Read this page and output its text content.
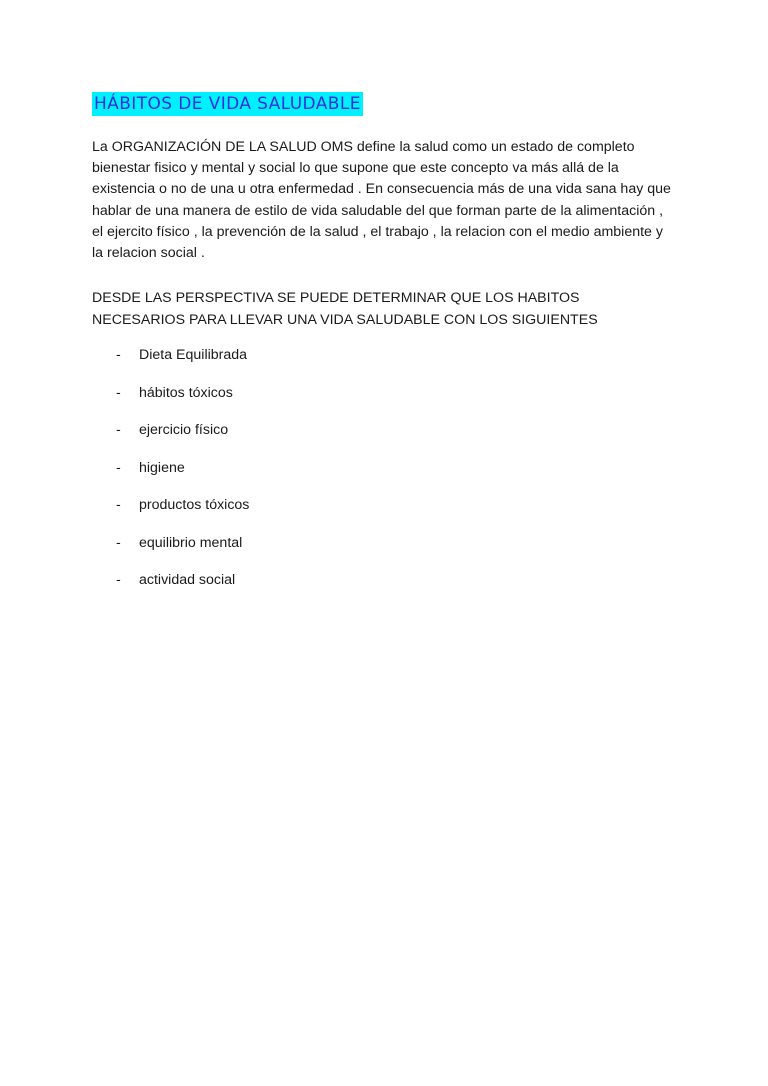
HÁBITOS DE VIDA SALUDABLE

La ORGANIZACIÓN DE LA SALUD OMS define la salud como un estado de completo
bienestar fisico y mental y social lo que supone que este concepto va más allá de la
existencia o no de una u otra enfermedad . En consecuencia más de una vida sana hay que
hablar de una manera de estilo de vida saludable del que forman parte de la alimentación ,
el ejercito físico , la prevención de la salud , el trabajo , la relacion con el medio ambiente y
la relacion social .

DESDE LAS PERSPECTIVA SE PUEDE DETERMINAR QUE LOS HABITOS
NECESARIOS PARA LLEVAR UNA VIDA SALUDABLE CON LOS SIGUIENTES

- Dieta Equilibrada
- hábitos tóxicos
- ejercicio físico
- higiene
- productos tóxicos
- equilibrio mental
- actividad social
